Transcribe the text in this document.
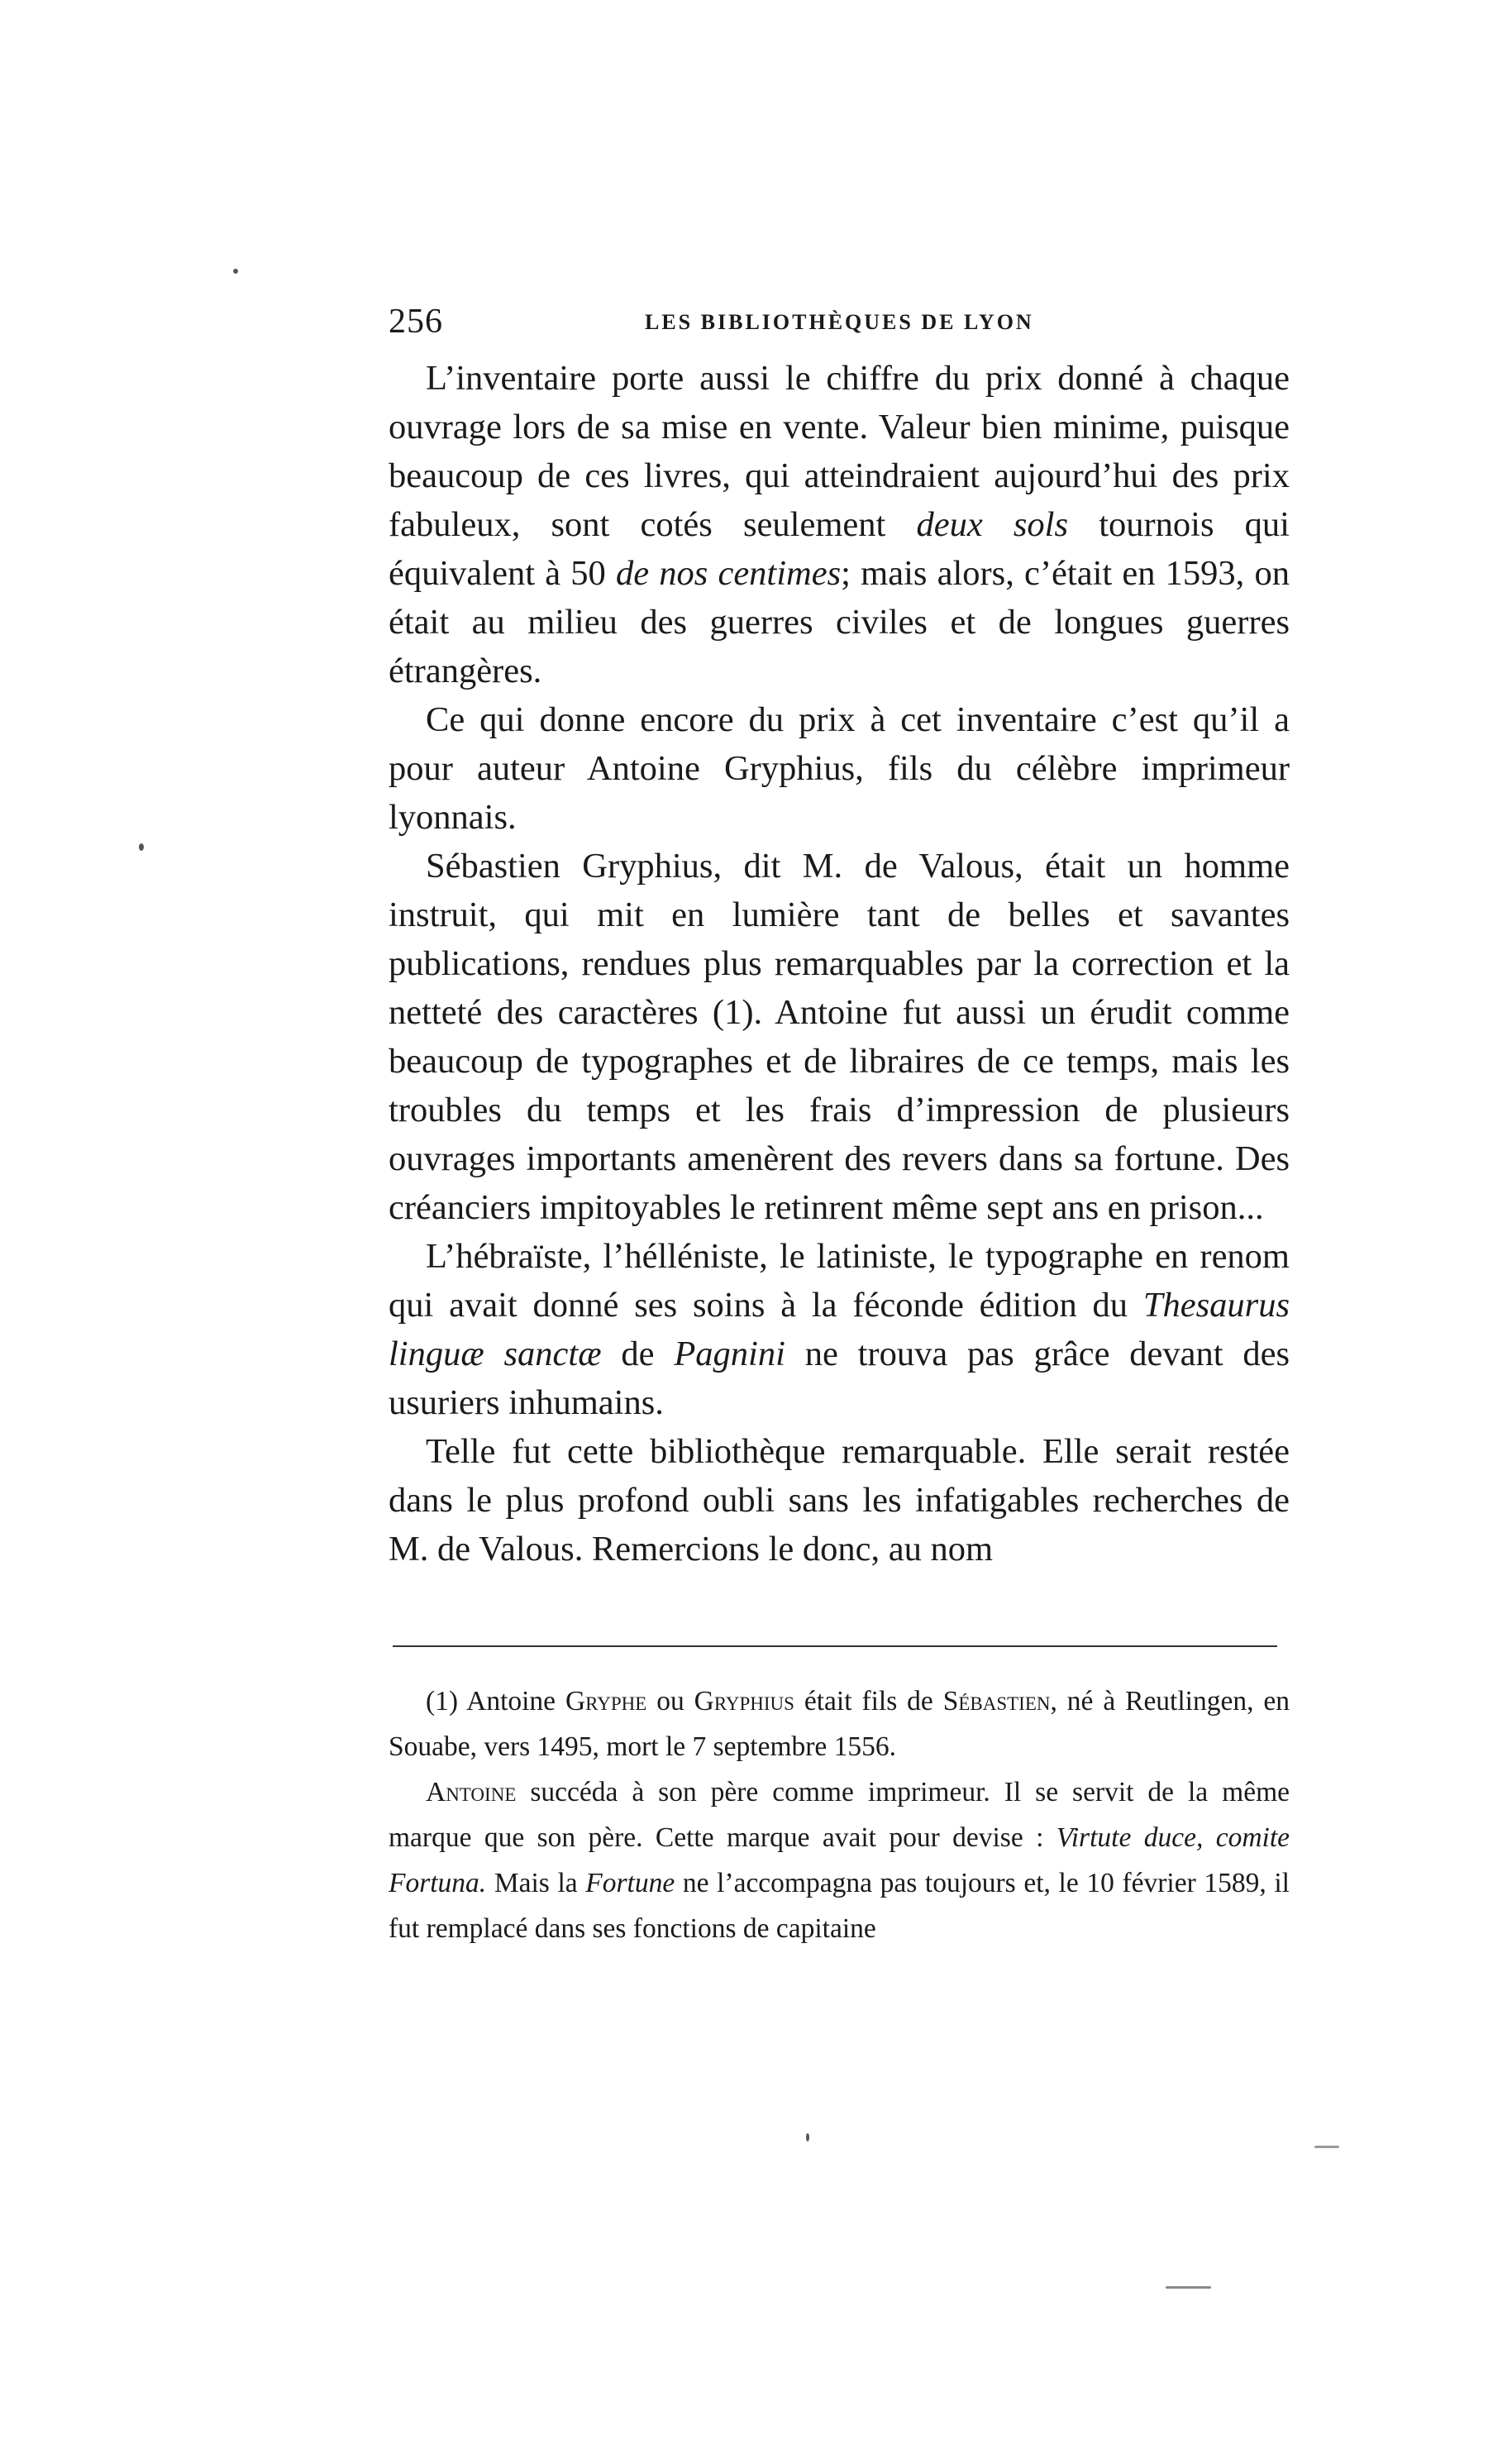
256	LES BIBLIOTHÈQUES DE LYON

L’inventaire porte aussi le chiffre du prix donné à chaque ouvrage lors de sa mise en vente. Valeur bien minime, puisque beaucoup de ces livres, qui atteindraient aujourd’hui des prix fabuleux, sont cotés seulement deux sols tournois qui équivalent à 50 de nos centimes; mais alors, c’était en 1593, on était au milieu des guerres civiles et de longues guerres étrangères.

Ce qui donne encore du prix à cet inventaire c’est qu’il a pour auteur Antoine Gryphius, fils du célèbre imprimeur lyonnais.

Sébastien Gryphius, dit M. de Valous, était un homme instruit, qui mit en lumière tant de belles et savantes publications, rendues plus remarquables par la correction et la netteté des caractères (1). Antoine fut aussi un érudit comme beaucoup de typographes et de libraires de ce temps, mais les troubles du temps et les frais d’impression de plusieurs ouvrages importants amenèrent des revers dans sa fortune. Des créanciers impitoyables le retinrent même sept ans en prison...

L’hébraïste, l’hélléniste, le latiniste, le typographe en renom qui avait donné ses soins à la féconde édition du Thesaurus linguæ sanctæ de Pagnini ne trouva pas grâce devant des usuriers inhumains.

Telle fut cette bibliothèque remarquable. Elle serait restée dans le plus profond oubli sans les infatigables recherches de M. de Valous. Remercions le donc, au nom

(1) Antoine Gryphe ou Gryphius était fils de Sébastien, né à Reutlingen, en Souabe, vers 1495, mort le 7 septembre 1556.

Antoine succéda à son père comme imprimeur. Il se servit de la même marque que son père. Cette marque avait pour devise : Virtute duce, comite Fortuna. Mais la Fortune ne l’accompagna pas toujours et, le 10 février 1589, il fut remplacé dans ses fonctions de capitaine
